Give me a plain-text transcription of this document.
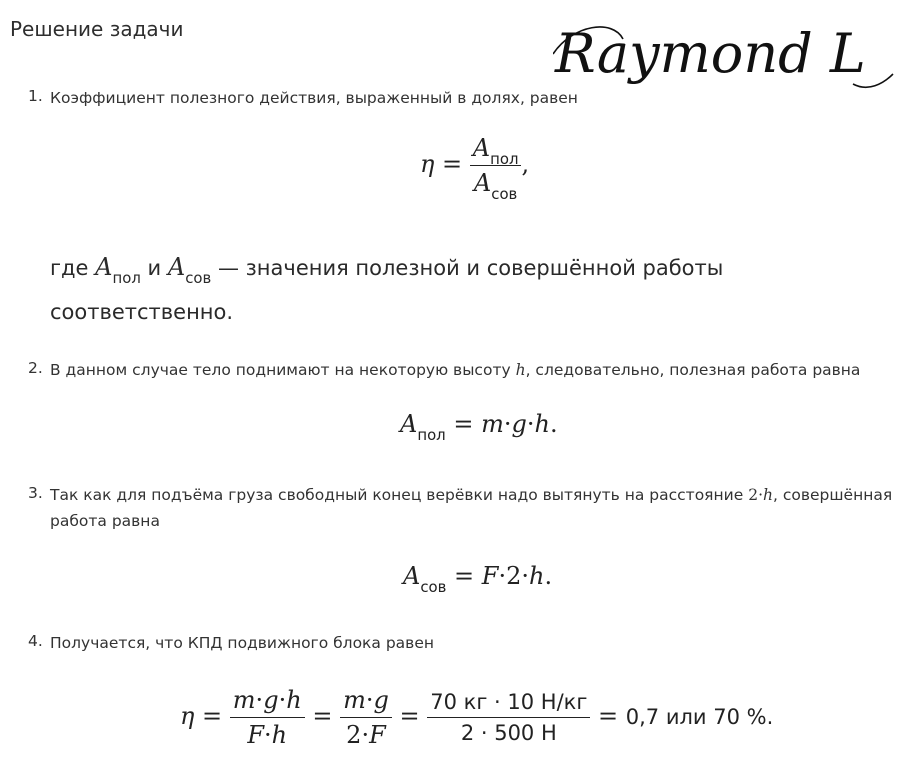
Решение задачи	Raymond L
1. Коэффициент полезного действия, выраженный в долях, равен
$\eta = \frac{A_{пол}}{A_{сов}}$ ,
где $A_{пол}$ и $A_{сов}$ — значения полезной и совершённой работы
соответственно.
2. В данном случае тело поднимают на некоторую высоту h, следовательно, полезная работа равна
$A_{пол} = m\cdot g\cdot h$.
3. Так как для подъёма груза свободный конец верёвки надо вытянуть на расстояние 2·h, совершённая
работа равна
$A_{сов} = F\cdot 2\cdot h$.
4. Получается, что КПД подвижного блока равен
$\eta = \frac{m\cdot g\cdot h}{F\cdot h} = \frac{m\cdot g}{2\cdot F} = \frac{70 кг \cdot 10 Н/кг}{2 \cdot 500 Н} = 0,7$ или 70 %.
